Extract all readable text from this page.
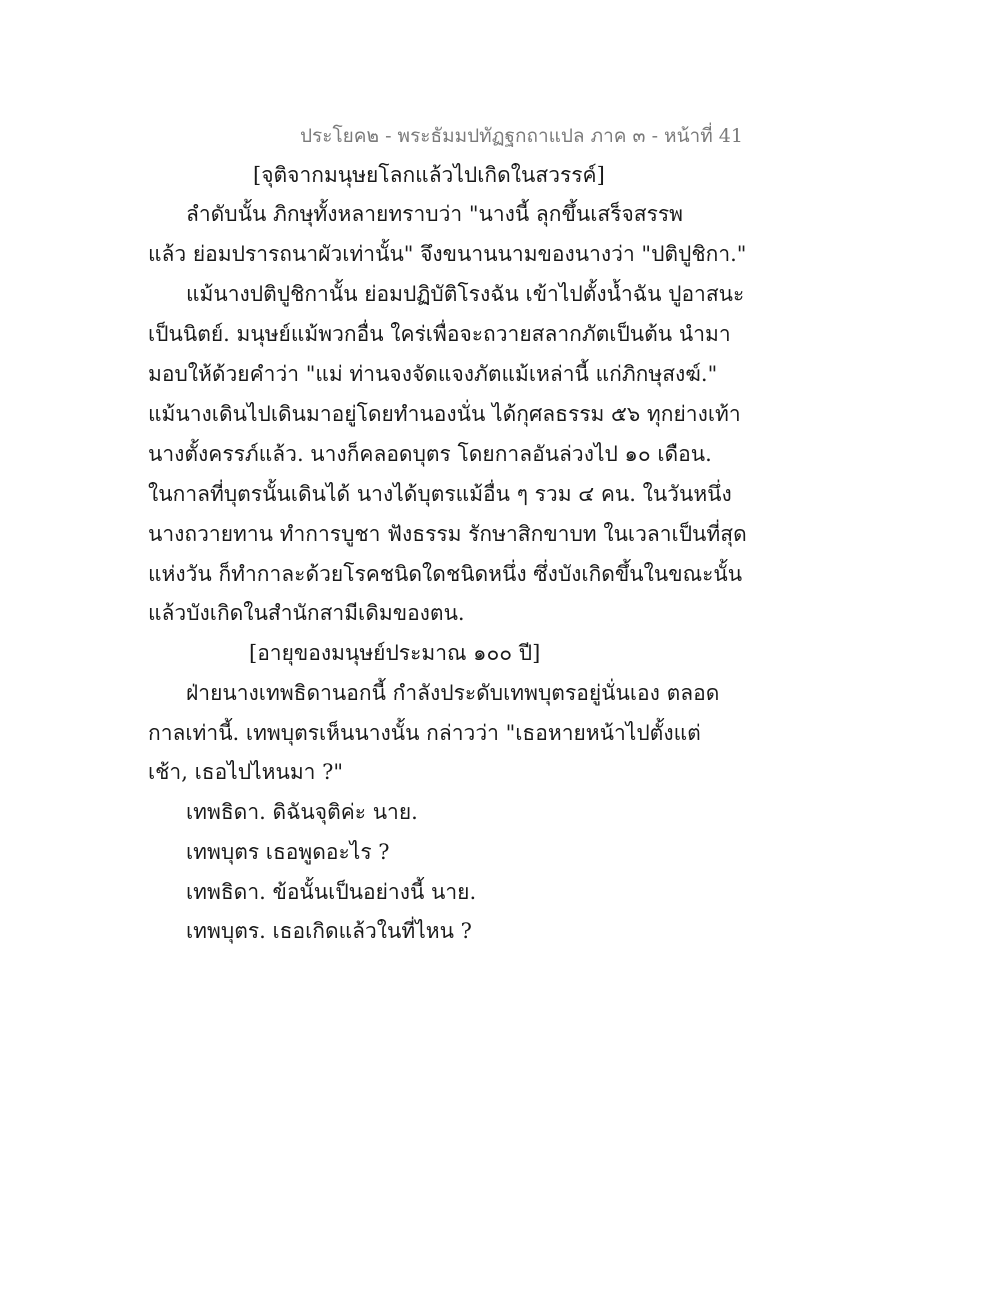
ประโยค๒ - พระธัมมปทัฏฐกถาแปล ภาค ๓ - หน้าที่ 41
[จุติจากมนุษยโลกแล้วไปเกิดในสวรรค์]
ลำดับนั้น ภิกษุทั้งหลายทราบว่า "นางนี้ ลุกขึ้นเสร็จสรรพ
แล้ว ย่อมปรารถนาผัวเท่านั้น" จึงขนานนามของนางว่า "ปติปูชิกา."
แม้นางปติปูชิกานั้น ย่อมปฏิบัติโรงฉัน เข้าไปตั้งน้ำฉัน ปูอาสนะ
เป็นนิตย์. มนุษย์แม้พวกอื่น ใคร่เพื่อจะถวายสลากภัตเป็นต้น นำมา
มอบให้ด้วยคำว่า "แม่ ท่านจงจัดแจงภัตแม้เหล่านี้ แก่ภิกษุสงฆ์."
แม้นางเดินไปเดินมาอยู่โดยทำนองนั่น ได้กุศลธรรม ๕๖ ทุกย่างเท้า
นางตั้งครรภ์แล้ว. นางก็คลอดบุตร โดยกาลอันล่วงไป ๑๐ เดือน.
ในกาลที่บุตรนั้นเดินได้ นางได้บุตรแม้อื่น ๆ รวม ๔ คน. ในวันหนึ่ง
นางถวายทาน ทำการบูชา ฟังธรรม รักษาสิกขาบท ในเวลาเป็นที่สุด
แห่งวัน ก็ทำกาละด้วยโรคชนิดใดชนิดหนึ่ง ซึ่งบังเกิดขึ้นในขณะนั้น
แล้วบังเกิดในสำนักสามีเดิมของตน.
[อายุของมนุษย์ประมาณ ๑๐๐ ปี]
ฝ่ายนางเทพธิดานอกนี้ กำลังประดับเทพบุตรอยู่นั่นเอง ตลอด
กาลเท่านี้. เทพบุตรเห็นนางนั้น กล่าวว่า "เธอหายหน้าไปตั้งแต่
เช้า, เธอไปไหนมา ?"
เทพธิดา. ดิฉันจุติค่ะ นาย.
เทพบุตร เธอพูดอะไร ?
เทพธิดา. ข้อนั้นเป็นอย่างนี้ นาย.
เทพบุตร. เธอเกิดแล้วในที่ไหน ?
